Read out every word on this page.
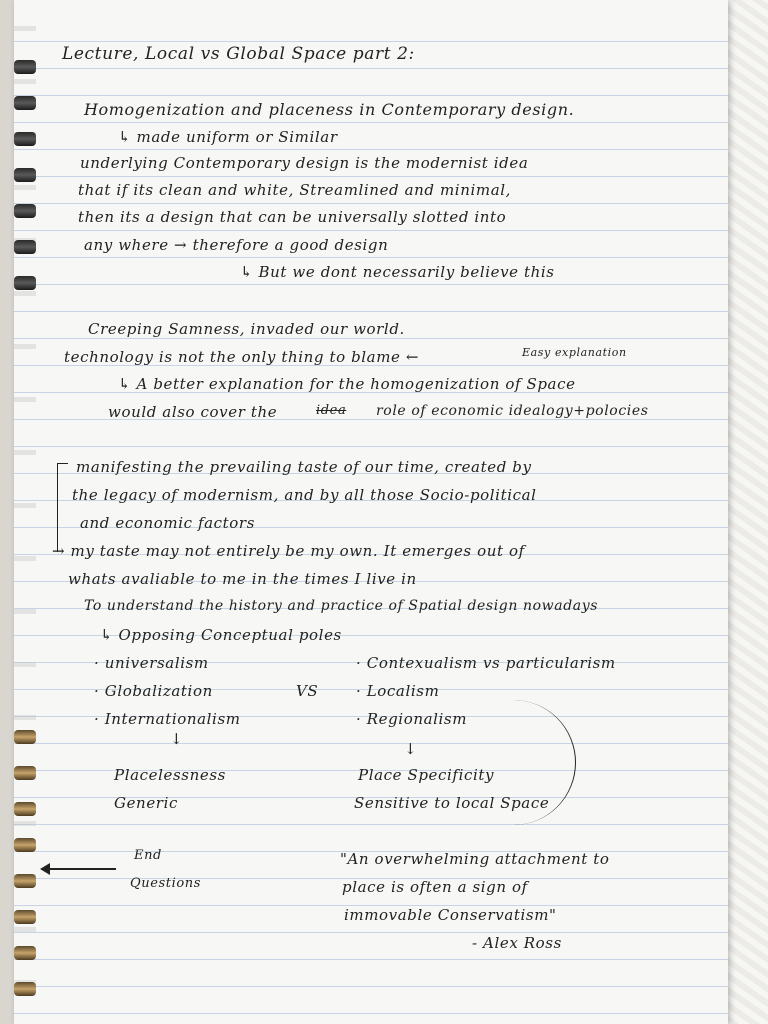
Lecture, Local vs Global Space part 2:
Homogenization and placeness in Contemporary design.
↳ made uniform or Similar
underlying Contemporary design is the modernist idea
that if its clean and white, Streamlined and minimal,
then its a design that can be universally slotted into
any where → therefore a good design
↳ But we dont necessarily believe this
Creeping Samness, invaded our world.
technology is not the only thing to blame ←	Easy explanation
↳ A better explanation for the homogenization of Space
would also cover the	idea role of economic idealogy+polocies
manifesting the prevailing taste of our time, created by
the legacy of modernism, and by all those Socio-political
and economic factors
→ my taste may not entirely be my own. It emerges out of
whats avaliable to me in the times I live in
To understand the history and practice of Spatial design nowadays
↳ Opposing Conceptual poles
· universalism
· Globalization
· Internationalism
VS
· Contexualism vs particularism
· Localism
· Regionalism
↓
↓
Placelessness
Generic
Place Specificity
Sensitive to local Space
End
Questions
"An overwhelming attachment to
place is often a sign of
immovable Conservatism"
- Alex Ross
